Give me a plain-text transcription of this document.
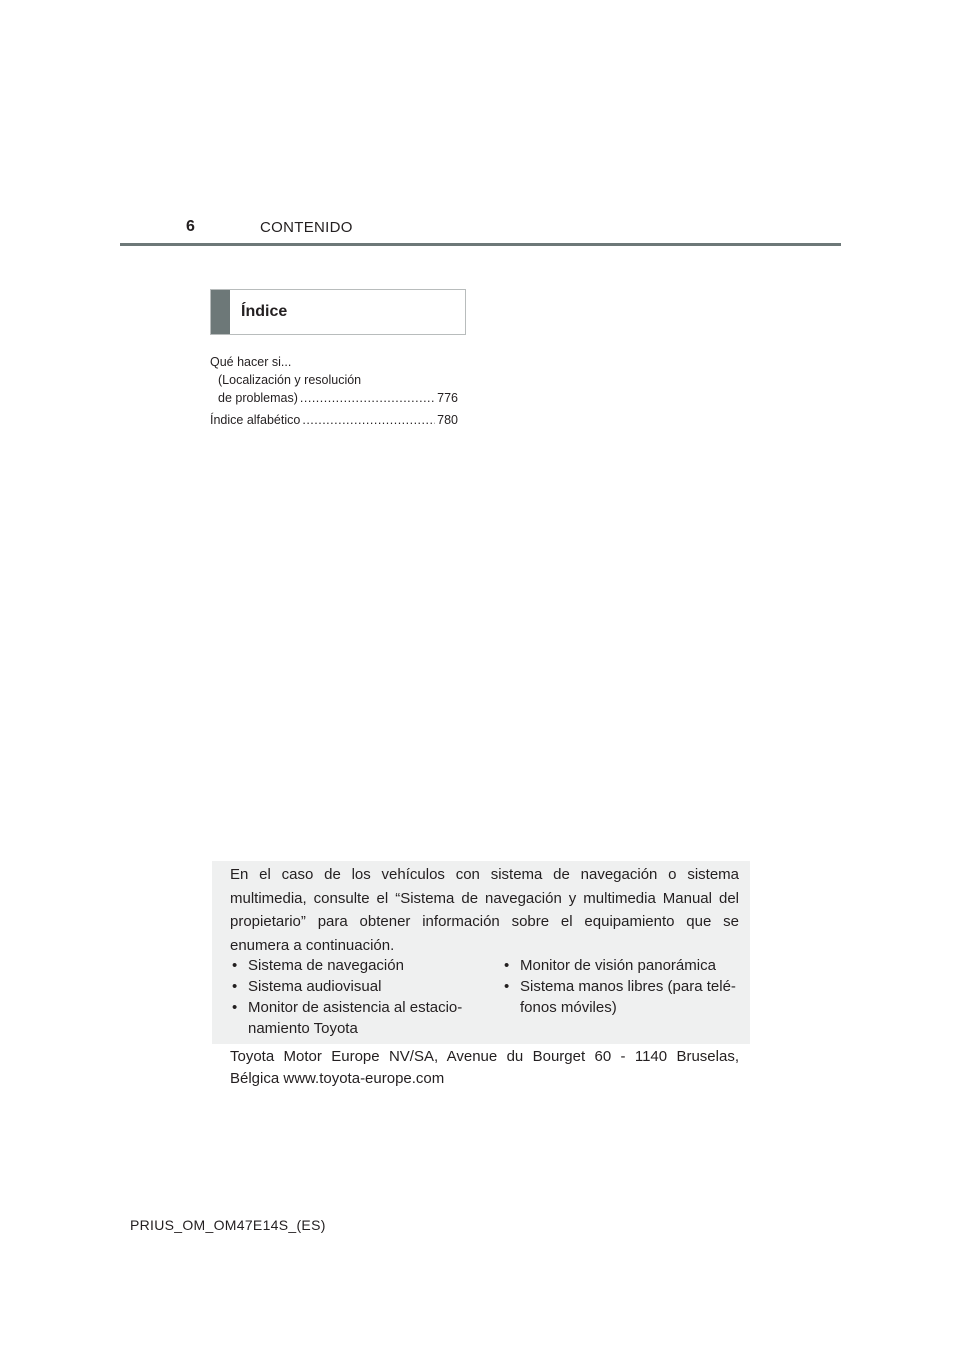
6	CONTENIDO
Índice
Qué hacer si...
(Localización y resolución
de problemas) .....	776
Índice alfabético .....	780
En el caso de los vehículos con sistema de navegación o sistema multimedia, consulte el “Sistema de navegación y multimedia Manual del propietario” para obtener información sobre el equipamiento que se enumera a continuación.
• Sistema de navegación
• Sistema audiovisual
• Monitor de asistencia al estacio-namiento Toyota
• Monitor de visión panorámica
• Sistema manos libres (para telé-fonos móviles)
Toyota Motor Europe NV/SA, Avenue du Bourget 60 - 1140 Bruselas, Bélgica www.toyota-europe.com
PRIUS_OM_OM47E14S_(ES)
